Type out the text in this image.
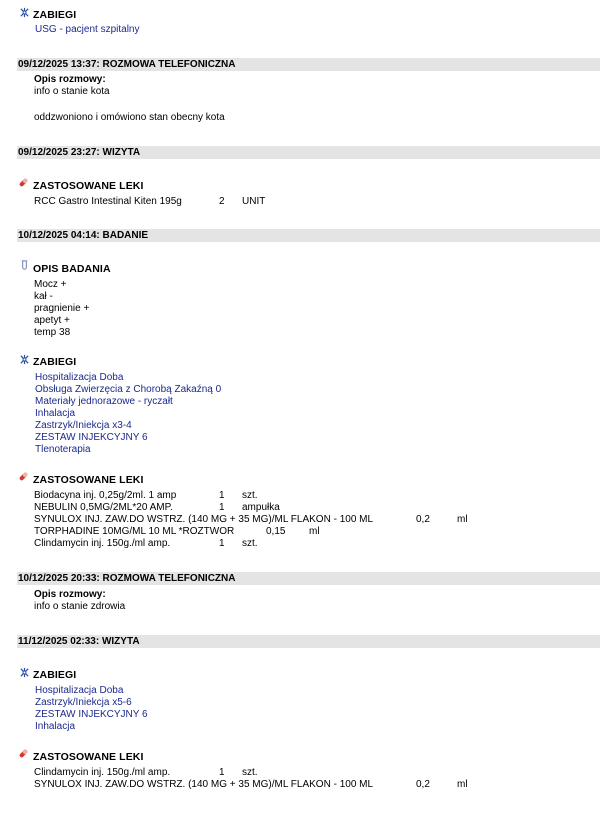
ZABIEGI
USG - pacjent szpitalny
09/12/2025 13:37: ROZMOWA TELEFONICZNA
Opis rozmowy:
info o stanie kota
oddzwoniono i omówiono stan obecny kota
09/12/2025 23:27: WIZYTA
ZASTOSOWANE LEKI
RCC Gastro Intestinal Kiten 195g	2 UNIT
10/12/2025 04:14: BADANIE
OPIS BADANIA
Mocz +
kał -
pragnienie +
apetyt +
temp 38
ZABIEGI
Hospitalizacja Doba
Obsługa Zwierzęcia z Chorobą Zakaźną 0
Materiały jednorazowe - ryczałt
Inhalacja
Zastrzyk/Iniekcja x3-4
ZESTAW INJEKCYJNY 6
Tlenoterapia
ZASTOSOWANE LEKI
Biodacyna inj. 0,25g/2ml. 1 amp	1 szt.
NEBULIN 0,5MG/2ML*20 AMP.	1 ampułka
SYNULOX INJ. ZAW.DO WSTRZ. (140 MG + 35 MG)/ML FLAKON - 100 ML	0,2	ml
TORPHADINE 10MG/ML 10 ML *ROZTWOR	0,15 ml
Clindamycin inj. 150g./ml amp.	1 szt.
10/12/2025 20:33: ROZMOWA TELEFONICZNA
Opis rozmowy:
info o stanie zdrowia
11/12/2025 02:33: WIZYTA
ZABIEGI
Hospitalizacja Doba
Zastrzyk/Iniekcja x5-6
ZESTAW INJEKCYJNY 6
Inhalacja
ZASTOSOWANE LEKI
Clindamycin inj. 150g./ml amp.	1 szt.
SYNULOX INJ. ZAW.DO WSTRZ. (140 MG + 35 MG)/ML FLAKON - 100 ML	0,2	ml
